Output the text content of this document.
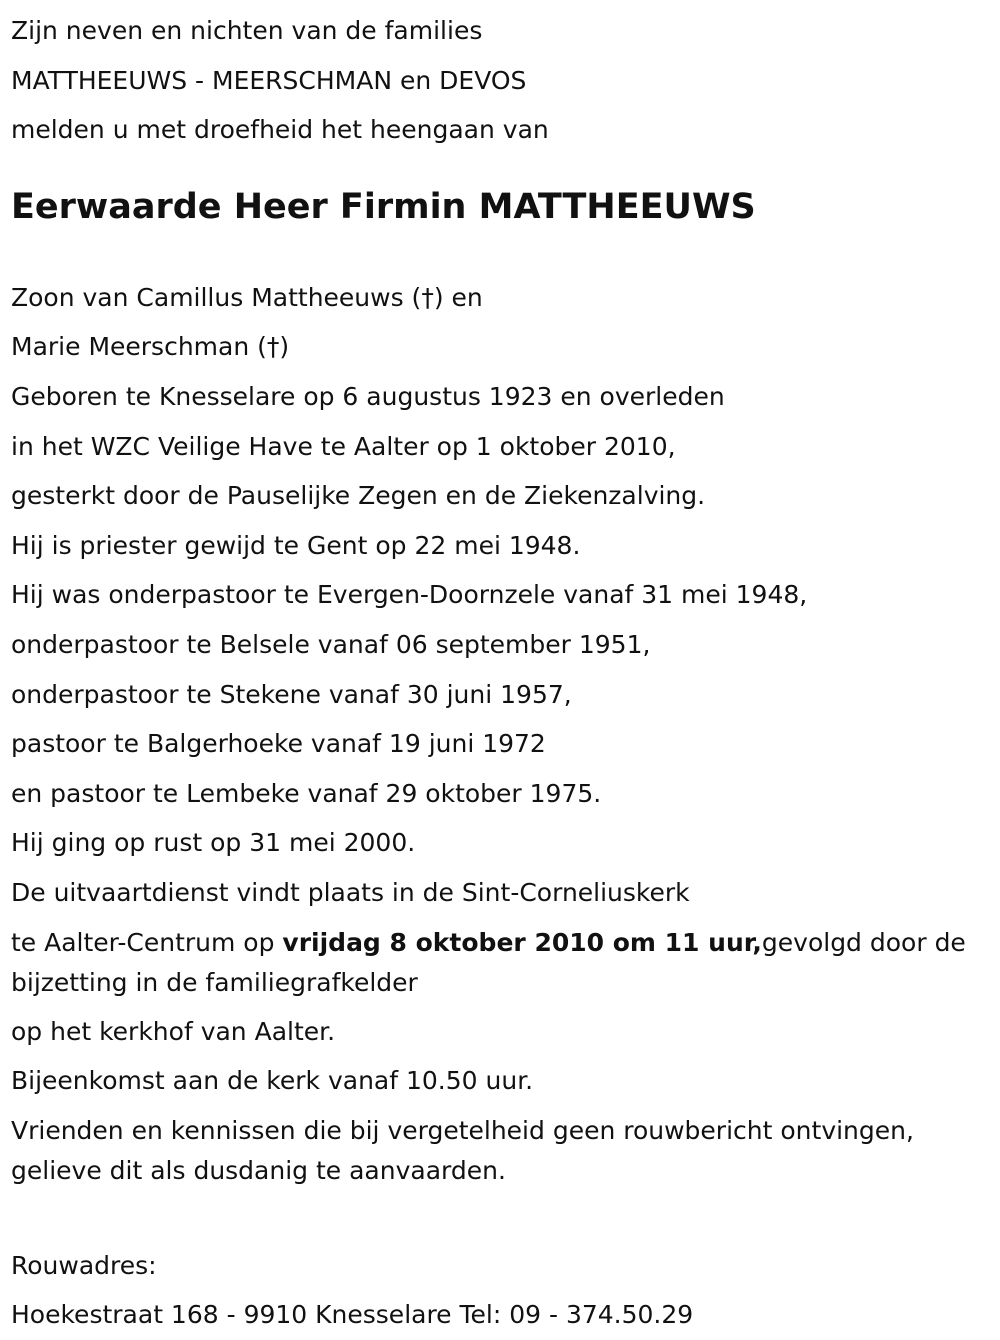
Zijn neven en nichten van de families

MATTHEEUWS - MEERSCHMAN en DEVOS

melden u met droefheid het heengaan van

Eerwaarde Heer Firmin MATTHEEUWS

Zoon van Camillus Mattheeuws (†) en

Marie Meerschman (†)

Geboren te Knesselare op 6 augustus 1923 en overleden

in het WZC Veilige Have te Aalter op 1 oktober 2010,

gesterkt door de Pauselijke Zegen en de Ziekenzalving.

Hij is priester gewijd te Gent op 22 mei 1948.

Hij was onderpastoor te Evergen-Doornzele vanaf 31 mei 1948,

onderpastoor te Belsele vanaf 06 september 1951,

onderpastoor te Stekene vanaf 30 juni 1957,

pastoor te Balgerhoeke vanaf 19 juni 1972

en pastoor te Lembeke vanaf 29 oktober 1975.

Hij ging op rust op 31 mei 2000.

De uitvaartdienst vindt plaats in de Sint-Corneliuskerk

te Aalter-Centrum op vrijdag 8 oktober 2010 om 11 uur,gevolgd door de bijzetting in de familiegrafkelder

op het kerkhof van Aalter.

Bijeenkomst aan de kerk vanaf 10.50 uur.

Vrienden en kennissen die bij vergetelheid geen rouwbericht ontvingen, gelieve dit als dusdanig te aanvaarden.

Rouwadres:

Hoekestraat 168 - 9910 Knesselare Tel: 09 - 374.50.29
